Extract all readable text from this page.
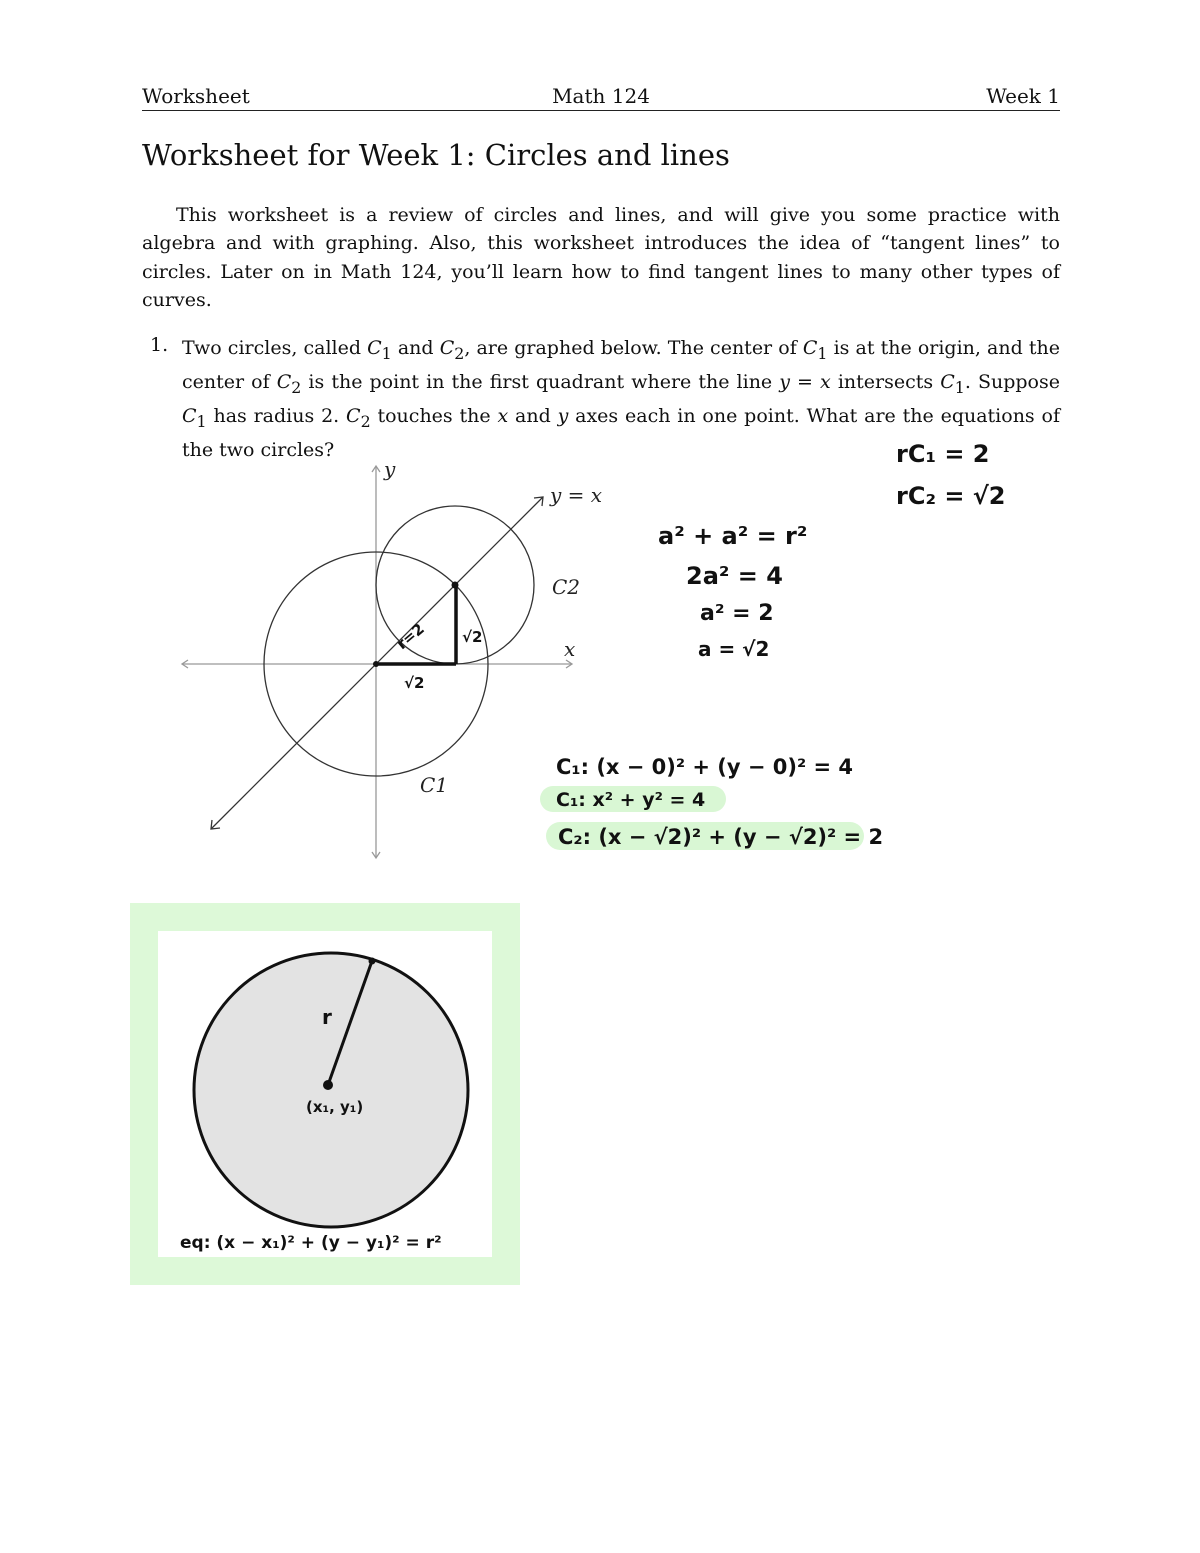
Worksheet	Math 124	Week 1
Worksheet for Week 1: Circles and lines

This worksheet is a review of circles and lines, and will give you some practice with algebra and with graphing. Also, this worksheet introduces the idea of “tangent lines” to circles. Later on in Math 124, you’ll learn how to find tangent lines to many other types of curves.

1. Two circles, called $C_1$ and $C_2$, are graphed below. The center of $C_1$ is at the origin, and the center of $C_2$ is the point in the first quadrant where the line y = x intersects $C_1$. Suppose $C_1$ has radius 2. $C_2$ touches the x and y axes each in one point. What are the equations of the two circles?

y
x
y = x
C2
C1
r=2 √2
√2
rC₁ = 2
rC₂ = √2
a² + a² = r²
2a² = 4
a² = 2
a = √2
C₁: (x − 0)² + (y − 0)² = 4
C₁: x² + y² = 4
C₂: (x − √2)² + (y − √2)² = 2
r
(x₁, y₁)
eq: (x − x₁)² + (y − y₁)² = r²
